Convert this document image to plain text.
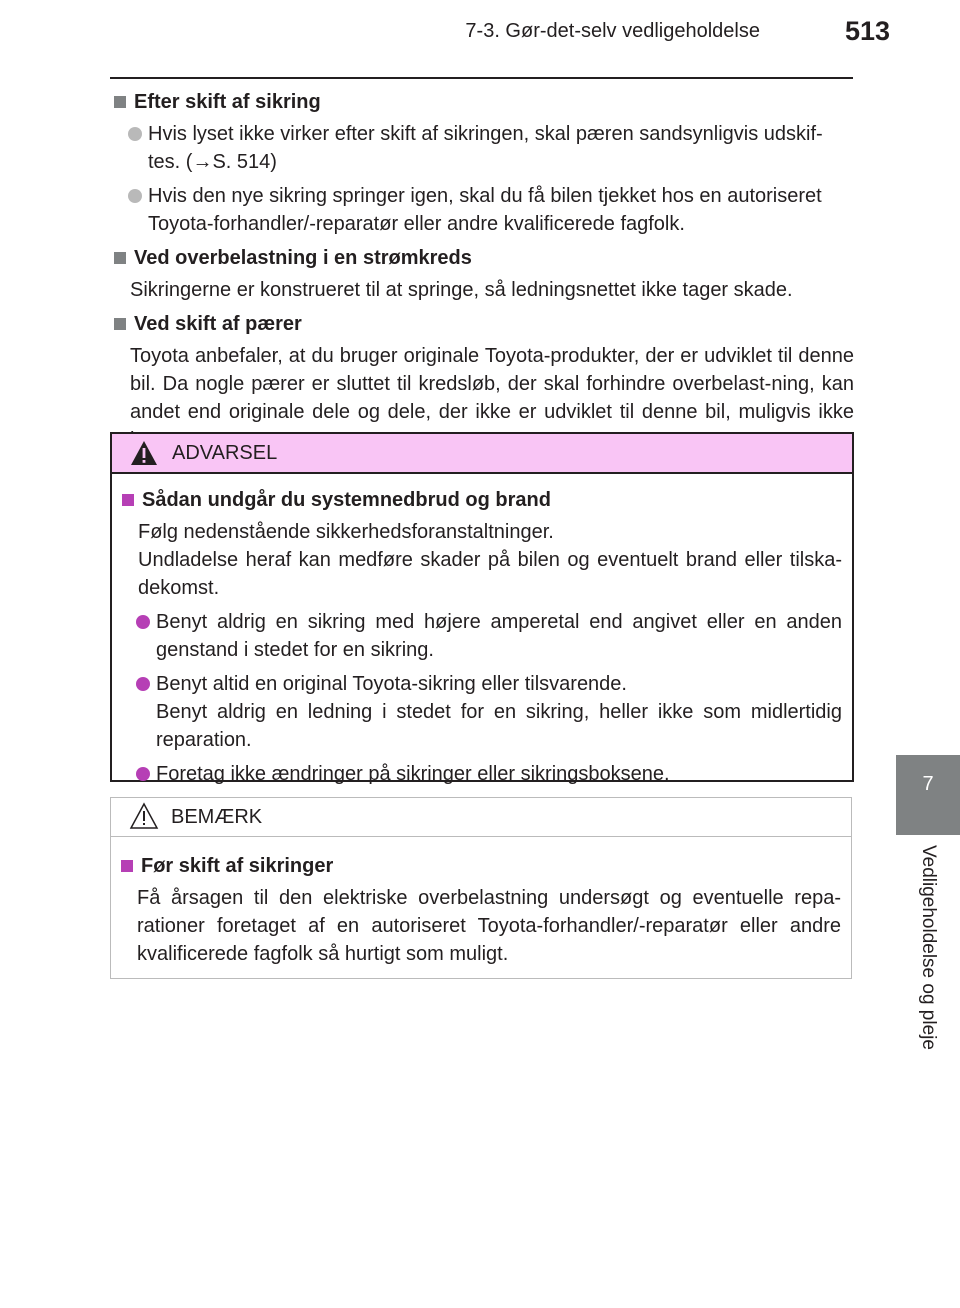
7-3. Gør-det-selv vedligeholdelse	513
7
Vedligeholdelse og pleje
Efter skift af sikring
Hvis lyset ikke virker efter skift af sikringen, skal pæren sandsynligvis udskif-tes. (→S. 514)
Hvis den nye sikring springer igen, skal du få bilen tjekket hos en autoriseret Toyota-forhandler/-reparatør eller andre kvalificerede fagfolk.
Ved overbelastning i en strømkreds
Sikringerne er konstrueret til at springe, så ledningsnettet ikke tager skade.
Ved skift af pærer
Toyota anbefaler, at du bruger originale Toyota-produkter, der er udviklet til denne bil. Da nogle pærer er sluttet til kredsløb, der skal forhindre overbelast-ning, kan andet end originale dele og dele, der ikke er udviklet til denne bil, muligvis ikke
ADVARSEL
Sådan undgår du systemnedbrud og brand
Følg nedenstående sikkerhedsforanstaltninger.
Undladelse heraf kan medføre skader på bilen og eventuelt brand eller tilska-dekomst.
Benyt aldrig en sikring med højere amperetal end angivet eller en anden genstand i stedet for en sikring.
Benyt altid en original Toyota-sikring eller tilsvarende.
Benyt aldrig en ledning i stedet for en sikring, heller ikke som midlertidig reparation.
Foretag ikke ændringer på sikringer eller sikringsboksene.
BEMÆRK
Før skift af sikringer
Få årsagen til den elektriske overbelastning undersøgt og eventuelle repa-rationer foretaget af en autoriseret Toyota-forhandler/-reparatør eller andre kvalificerede fagfolk så hurtigt som muligt.
